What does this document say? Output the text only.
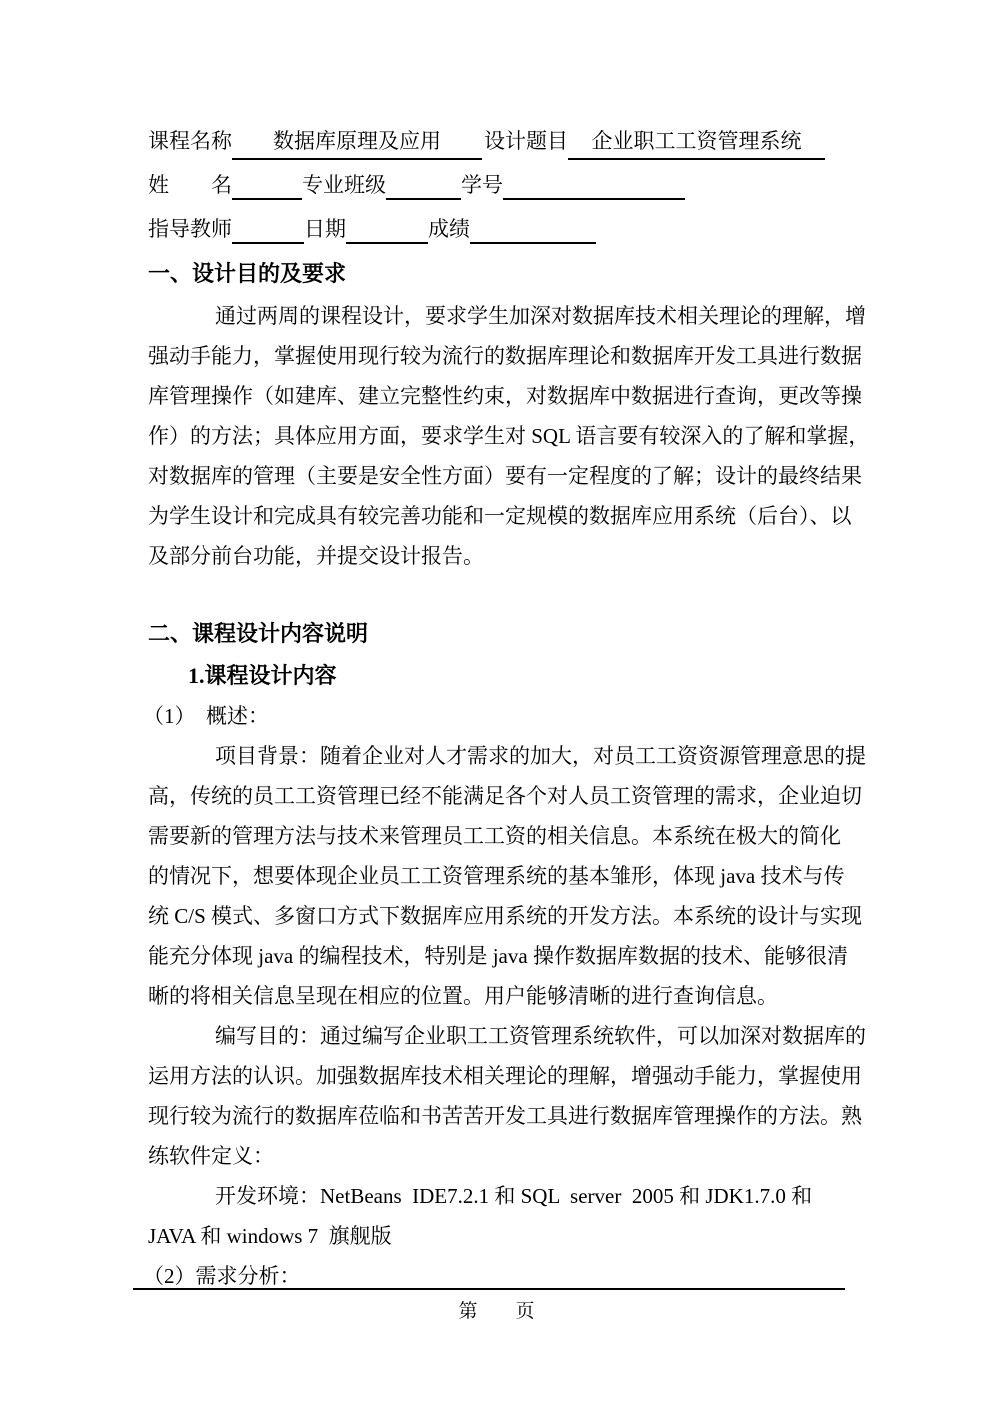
课程名称	数据库原理及应用	设计题目	企业职工工资管理系统
姓　　名	专业班级	学号
指导教师	日期	成绩
一、设计目的及要求
通过两周的课程设计，要求学生加深对数据库技术相关理论的理解，增
强动手能力，掌握使用现行较为流行的数据库理论和数据库开发工具进行数据
库管理操作（如建库、建立完整性约束，对数据库中数据进行查询，更改等操
作）的方法；具体应用方面，要求学生对 SQL 语言要有较深入的了解和掌握，
对数据库的管理（主要是安全性方面）要有一定程度的了解；设计的最终结果
为学生设计和完成具有较完善功能和一定规模的数据库应用系统（后台）、以
及部分前台功能，并提交设计报告。
二、课程设计内容说明
1.课程设计内容
（1）　概述：
项目背景：随着企业对人才需求的加大，对员工工资资源管理意思的提
高，传统的员工工资管理已经不能满足各个对人员工资管理的需求，企业迫切
需要新的管理方法与技术来管理员工工资的相关信息。本系统在极大的简化
的情况下，想要体现企业员工工资管理系统的基本雏形，体现 java 技术与传
统 C/S 模式、多窗口方式下数据库应用系统的开发方法。本系统的设计与实现
能充分体现 java 的编程技术，特别是 java 操作数据库数据的技术、能够很清
晰的将相关信息呈现在相应的位置。用户能够清晰的进行查询信息。
编写目的：通过编写企业职工工资管理系统软件，可以加深对数据库的
运用方法的认识。加强数据库技术相关理论的理解，增强动手能力，掌握使用
现行较为流行的数据库莅临和书苦苦开发工具进行数据库管理操作的方法。熟
练软件定义：
开发环境：NetBeans  IDE7.2.1 和 SQL  server  2005 和 JDK1.7.0 和
JAVA 和 windows 7  旗舰版
（2）需求分析：
第　　页
